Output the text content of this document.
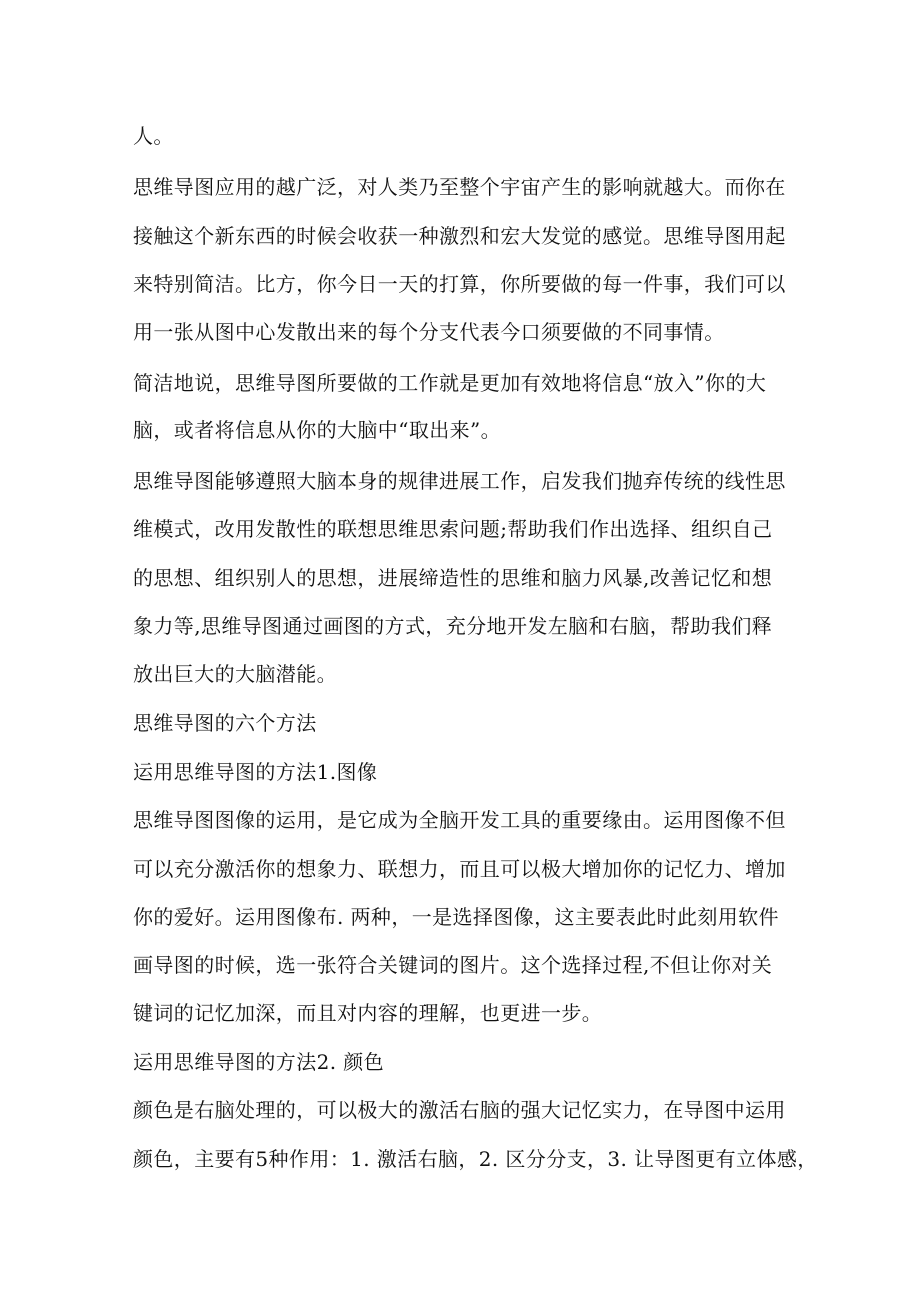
人。
思维导图应用的越广泛，对人类乃至整个宇宙产生的影响就越大。而你在
接触这个新东西的时候会收获一种激烈和宏大发觉的感觉。思维导图用起
来特别简洁。比方，你今日一天的打算，你所要做的每一件事，我们可以
用一张从图中心发散出来的每个分支代表今口须要做的不同事情。
简洁地说，思维导图所要做的工作就是更加有效地将信息“放入”你的大
脑，或者将信息从你的大脑中“取出来”。
思维导图能够遵照大脑本身的规律进展工作，启发我们抛弃传统的线性思
维模式，改用发散性的联想思维思索问题;帮助我们作出选择、组织自己
的思想、组织别人的思想，进展缔造性的思维和脑力风暴,改善记忆和想
象力等,思维导图通过画图的方式，充分地开发左脑和右脑，帮助我们释
放出巨大的大脑潜能。
思维导图的六个方法
运用思维导图的方法1.图像
思维导图图像的运用，是它成为全脑开发工具的重要缘由。运用图像不但
可以充分激活你的想象力、联想力，而且可以极大增加你的记忆力、增加
你的爱好。运用图像布. 两种，一是选择图像，这主要表此时此刻用软件
画导图的时候，选一张符合关键词的图片。这个选择过程,不但让你对关
键词的记忆加深，而且对内容的理解，也更进一步。
运用思维导图的方法2. 颜色
颜色是右脑处理的，可以极大的激活右脑的强大记忆实力，在导图中运用
颜色，主要有5种作用：1. 激活右脑，2. 区分分支，3. 让导图更有立体感，
